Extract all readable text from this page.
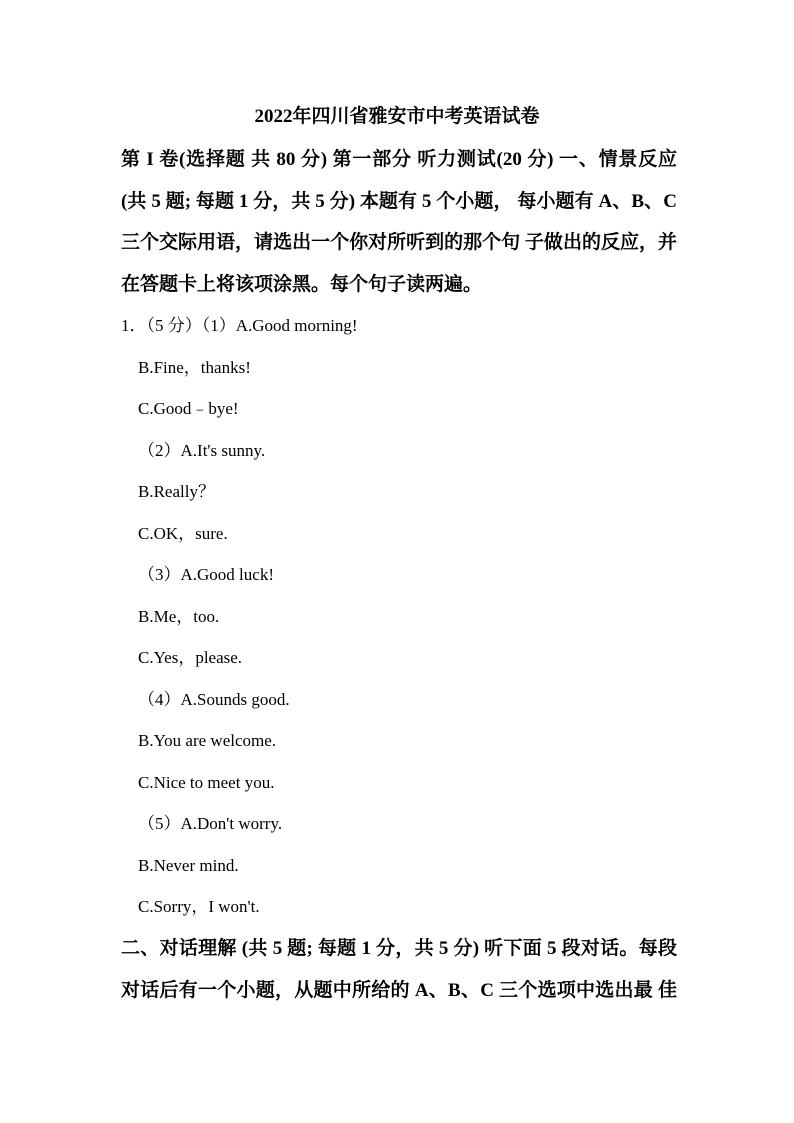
2022年四川省雅安市中考英语试卷
第 I 卷(选择题 共 80 分) 第一部分 听力测试(20 分) 一、情景反应
(共 5 题; 每题 1 分，共 5 分) 本题有 5 个小题， 每小题有 A、B、C
三个交际用语，请选出一个你对所听到的那个句 子做出的反应，并
在答题卡上将该项涂黑。每个句子读两遍。
1．（5 分）（1）A.Good morning!
B.Fine，thanks!
C.Good﹣bye!
（2）A.It's sunny.
B.Really？
C.OK，sure.
（3）A.Good luck!
B.Me，too.
C.Yes，please.
（4）A.Sounds good.
B.You are welcome.
C.Nice to meet you.
（5）A.Don't worry.
B.Never mind.
C.Sorry，I won't.
二、对话理解 (共 5 题; 每题 1 分，共 5 分) 听下面 5 段对话。每段
对话后有一个小题，从题中所给的 A、B、C 三个选项中选出最 佳
